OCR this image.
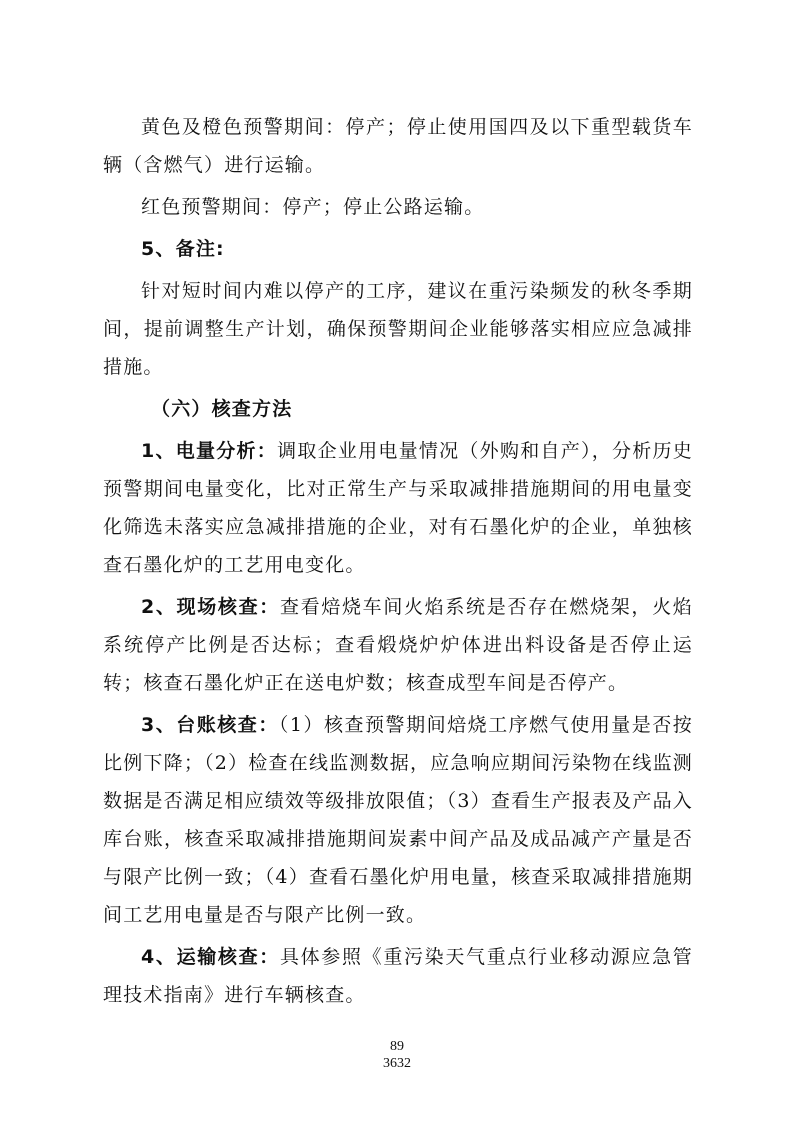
黄色及橙色预警期间：停产；停止使用国四及以下重型载货车辆（含燃气）进行运输。

红色预警期间：停产；停止公路运输。

5、备注:

针对短时间内难以停产的工序，建议在重污染频发的秋冬季期间，提前调整生产计划，确保预警期间企业能够落实相应应急减排措施。

（六）核查方法

1、电量分析：调取企业用电量情况（外购和自产），分析历史预警期间电量变化，比对正常生产与采取减排措施期间的用电量变化筛选未落实应急减排措施的企业，对有石墨化炉的企业，单独核查石墨化炉的工艺用电变化。

2、现场核查：查看焙烧车间火焰系统是否存在燃烧架，火焰系统停产比例是否达标；查看煅烧炉炉体进出料设备是否停止运转；核查石墨化炉正在送电炉数；核查成型车间是否停产。

3、台账核查：（1）核查预警期间焙烧工序燃气使用量是否按比例下降；（2）检查在线监测数据，应急响应期间污染物在线监测数据是否满足相应绩效等级排放限值；（3）查看生产报表及产品入库台账，核查采取减排措施期间炭素中间产品及成品减产产量是否与限产比例一致；（4）查看石墨化炉用电量，核查采取减排措施期间工艺用电量是否与限产比例一致。

4、运输核查：具体参照《重污染天气重点行业移动源应急管理技术指南》进行车辆核查。

89
3632
